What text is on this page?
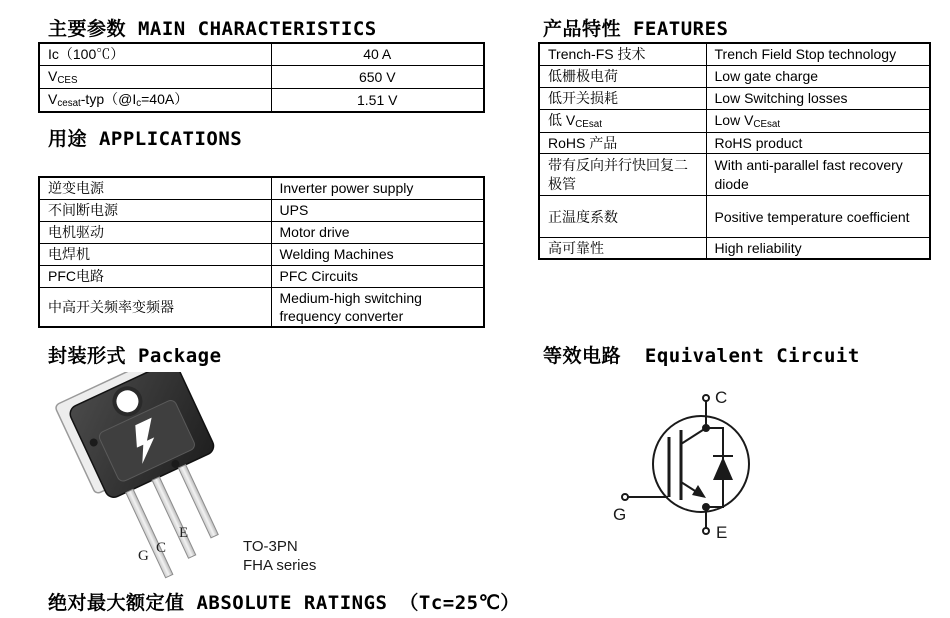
主要参数 MAIN CHARACTERISTICS
用途 APPLICATIONS
产品特性 FEATURES
封装形式 Package	等效电路  Equivalent Circuit
绝对最大额定值 ABSOLUTE RATINGS （Tc=25℃）
Ic（100℃）	40 A
VCES	650 V
Vcesat-typ（@Ic=40A）	1.51 V
逆变电源	Inverter power supply
不间断电源	UPS
电机驱动	Motor drive
电焊机	Welding Machines
PFC电路	PFC Circuits
中高开关频率变频器	Medium-high switching frequency converter
Trench-FS 技术	Trench Field Stop technology
低栅极电荷	Low gate charge
低开关损耗	Low Switching losses
低 VCEsat	Low VCEsat
RoHS 产品	RoHS product
带有反向并行快回复二极管	With anti-parallel fast recovery diode
正温度系数	Positive temperature coefficient
高可靠性	High reliability
G C
E
TO-3PN
FHA series
C
G
E
